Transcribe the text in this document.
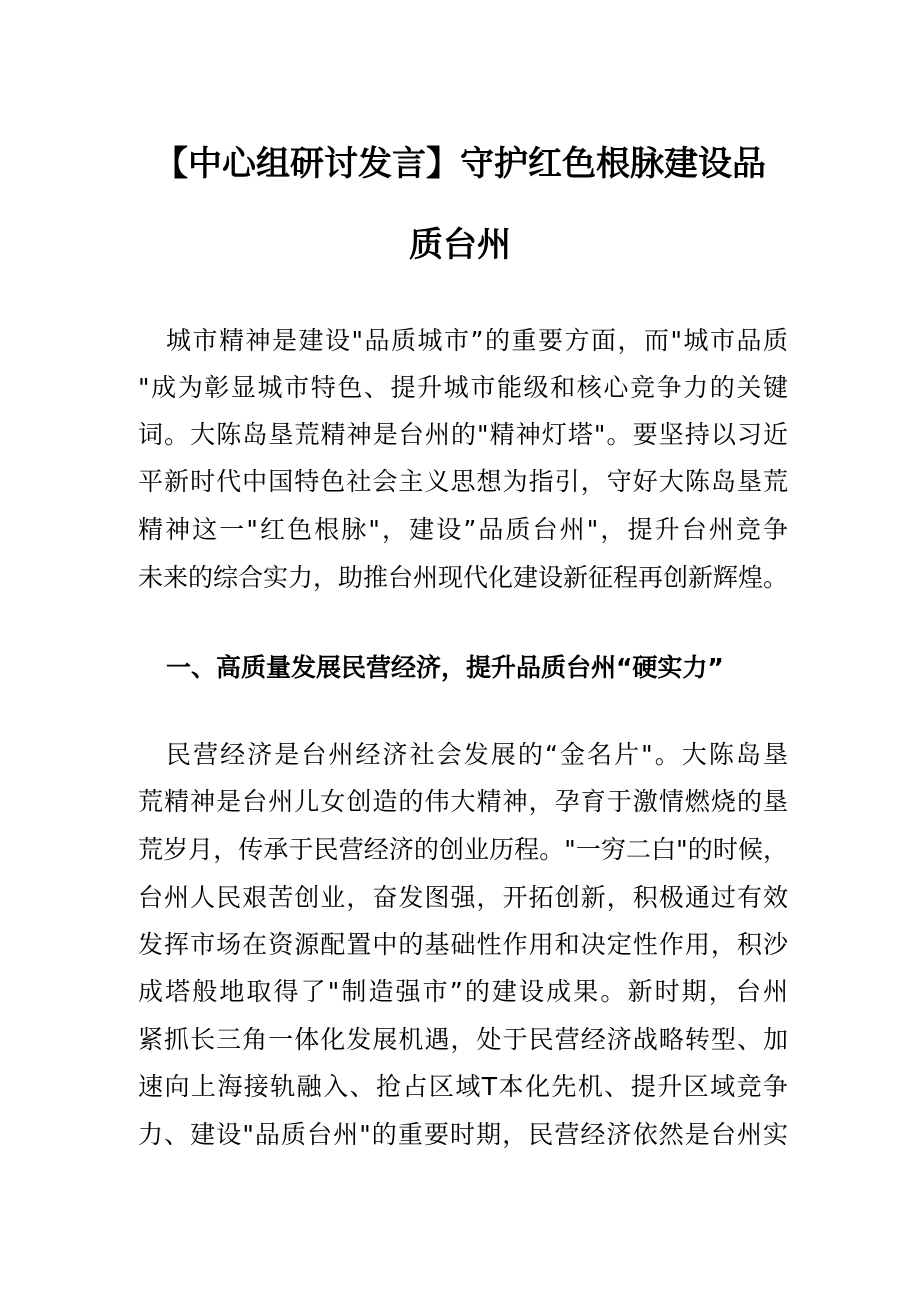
【中心组研讨发言】守护红色根脉建设品
质台州
城市精神是建设"品质城市”的重要方面，而"城市品质
"成为彰显城市特色、提升城市能级和核心竞争力的关键
词。大陈岛垦荒精神是台州的"精神灯塔"。要坚持以习近
平新时代中国特色社会主义思想为指引，守好大陈岛垦荒
精神这一"红色根脉"，建设”品质台州"，提升台州竞争
未来的综合实力，助推台州现代化建设新征程再创新辉煌。
一、高质量发展民营经济，提升品质台州“硬实力”
民营经济是台州经济社会发展的“金名片"。大陈岛垦
荒精神是台州儿女创造的伟大精神，孕育于激情燃烧的垦
荒岁月，传承于民营经济的创业历程。"一穷二白"的时候，
台州人民艰苦创业，奋发图强，开拓创新，积极通过有效
发挥市场在资源配置中的基础性作用和决定性作用，积沙
成塔般地取得了"制造强市”的建设成果。新时期，台州
紧抓长三角一体化发展机遇，处于民营经济战略转型、加
速向上海接轨融入、抢占区域T本化先机、提升区域竞争
力、建设"品质台州"的重要时期，民营经济依然是台州实
